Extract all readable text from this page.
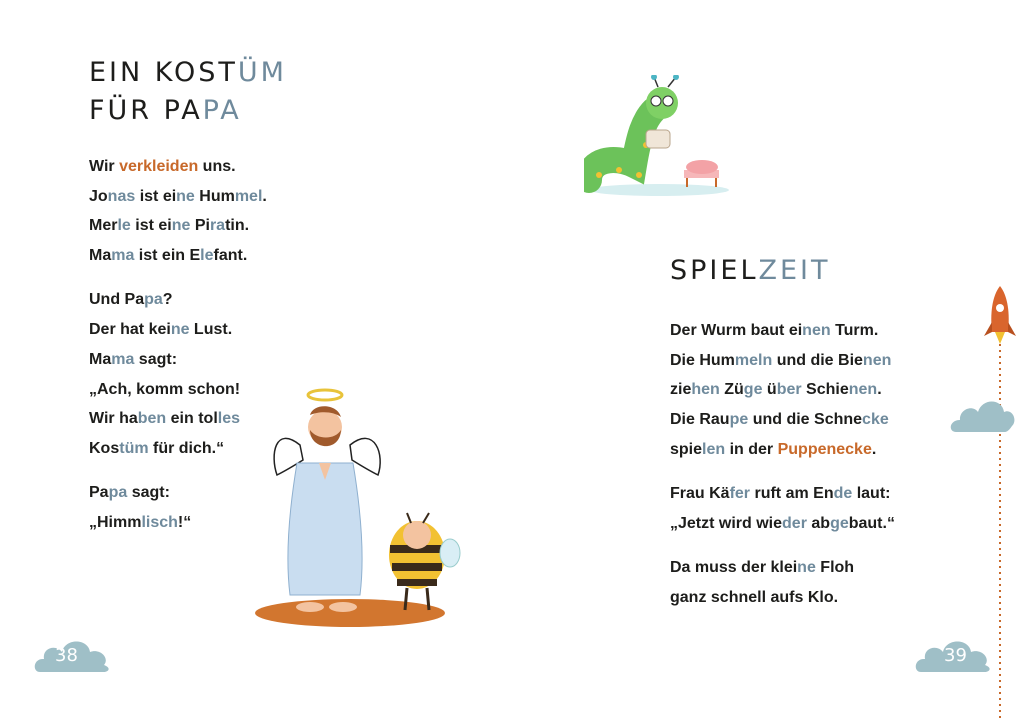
EIN KOSTÜM
FÜR PAPA
Wir verkleiden uns.
Jonas ist eine Hummel.
Merle ist eine Piratin.
Mama ist ein Elefant.
Und Papa?
Der hat keine Lust.
Mama sagt:
„Ach, komm schon!
Wir haben ein tolles
Kostüm für dich.“
Papa sagt:
„Himmlisch!“
38
SPIELZEIT
Der Wurm baut einen Turm.
Die Hummeln und die Bienen
ziehen Züge über Schienen.
Die Raupe und die Schnecke
spielen in der Puppenecke.
Frau Käfer ruft am Ende laut:
„Jetzt wird wieder abgebaut.“
Da muss der kleine Floh
ganz schnell aufs Klo.
39
